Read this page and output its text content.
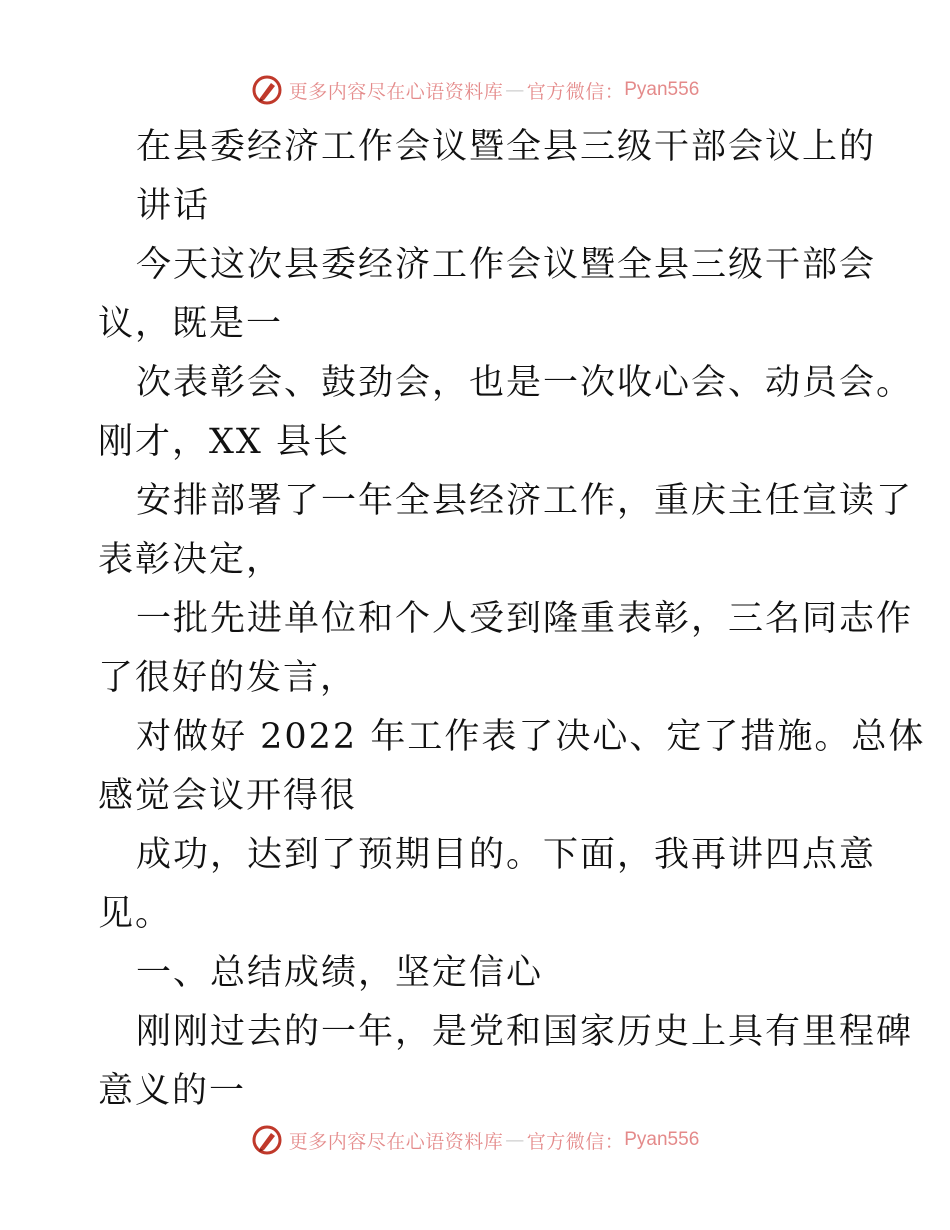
更多内容尽在心语资料库 — 官方微信： Pyan556
在县委经济工作会议暨全县三级干部会议上的
讲话
今天这次县委经济工作会议暨全县三级干部会
议，既是一
次表彰会、鼓劲会，也是一次收心会、动员会。
刚才，XX 县长
安排部署了一年全县经济工作，重庆主任宣读了
表彰决定，
一批先进单位和个人受到隆重表彰，三名同志作
了很好的发言，
对做好 2022 年工作表了决心、定了措施。总体
感觉会议开得很
成功，达到了预期目的。下面，我再讲四点意
见。
一、总结成绩，坚定信心
刚刚过去的一年，是党和国家历史上具有里程碑
意义的一
更多内容尽在心语资料库 — 官方微信： Pyan556
